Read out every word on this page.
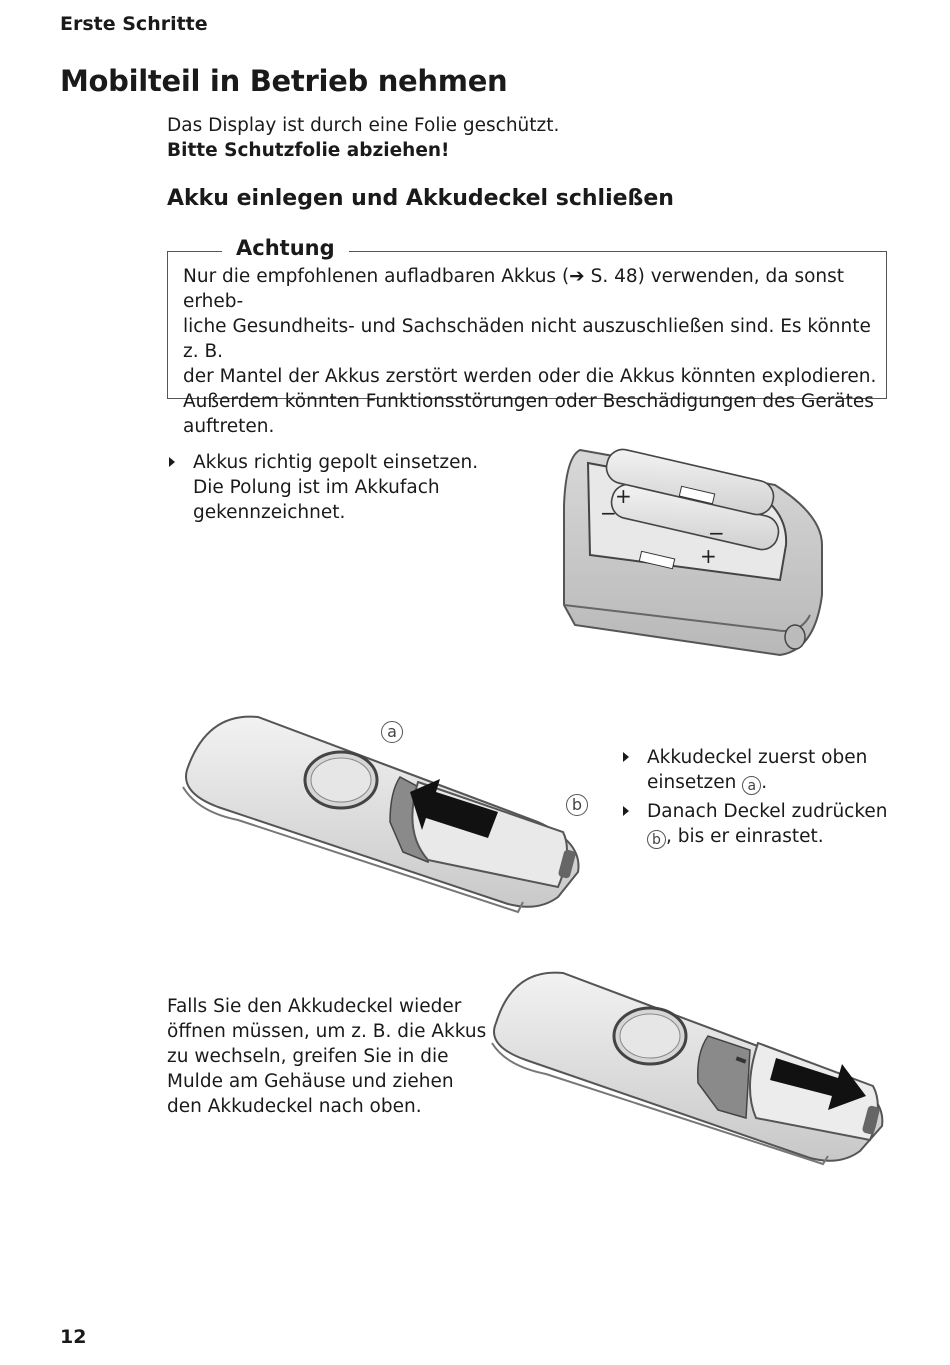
Erste Schritte
Mobilteil in Betrieb nehmen
Das Display ist durch eine Folie geschützt.
Bitte Schutzfolie abziehen!
Akku einlegen und Akkudeckel schließen
Achtung
Nur die empfohlenen aufladbaren Akkus (➔ S. 48) verwenden, da sonst erheb-
liche Gesundheits- und Sachschäden nicht auszuschließen sind. Es könnte z. B.
der Mantel der Akkus zerstört werden oder die Akkus könnten explodieren.
Außerdem könnten Funktionsstörungen oder Beschädigungen des Gerätes
auftreten.
Akkus richtig gepolt einsetzen.
Die Polung ist im Akkufach
gekennzeichnet.
+
−
−
+
a
b
Akkudeckel zuerst oben
einsetzen a .
Danach Deckel zudrücken
b , bis er einrastet.
Falls Sie den Akkudeckel wieder
öffnen müssen, um z. B. die Akkus
zu wechseln, greifen Sie in die
Mulde am Gehäuse und ziehen
den Akkudeckel nach oben.
12
